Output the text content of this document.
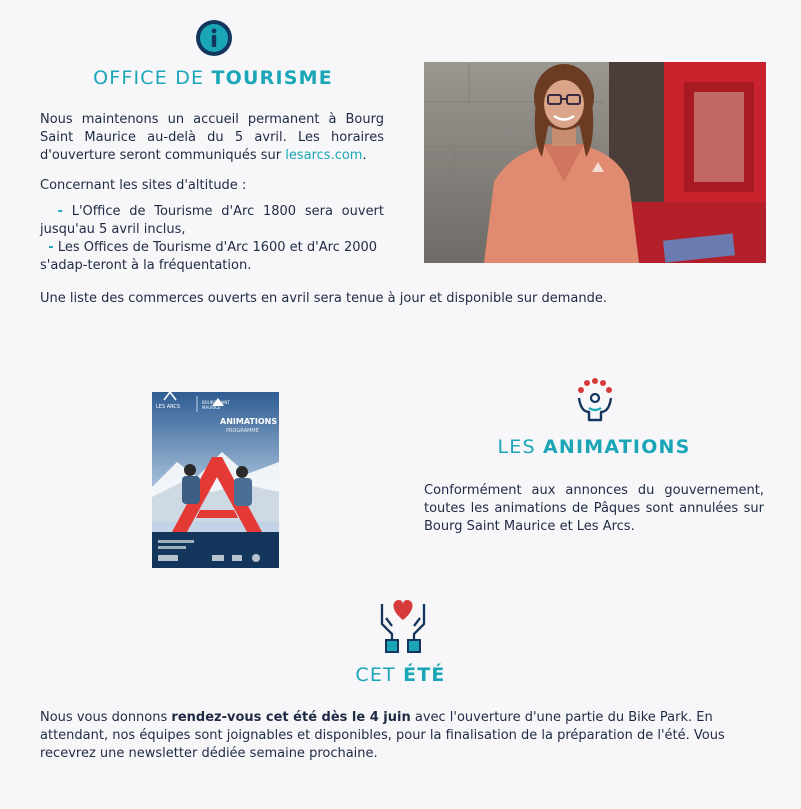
OFFICE DE TOURISME

Nous maintenons un accueil permanent à Bourg Saint Maurice au-delà du 5 avril. Les horaires d'ouverture seront communiqués sur lesarcs.com.

Concernant les sites d'altitude :

- L'Office de Tourisme d'Arc 1800 sera ouvert jusqu'au 5 avril inclus,

- Les Offices de Tourisme d'Arc 1600 et d'Arc 2000 s'adap-teront à la fréquentation.

Une liste des commerces ouverts en avril sera tenue à jour et disponible sur demande.

LES ARCS
BOURG SAINT MAURICE
ANIMATIONS
PROGRAMME
LES ANIMATIONS

Conformément aux annonces du gouvernement, toutes les animations de Pâques sont annulées sur Bourg Saint Maurice et Les Arcs.

CET ÉTÉ

Nous vous donnons rendez-vous cet été dès le 4 juin avec l'ouverture d'une partie du Bike Park. En attendant, nos équipes sont joignables et disponibles, pour la finalisation de la préparation de l'été. Vous recevrez une newsletter dédiée semaine prochaine.
